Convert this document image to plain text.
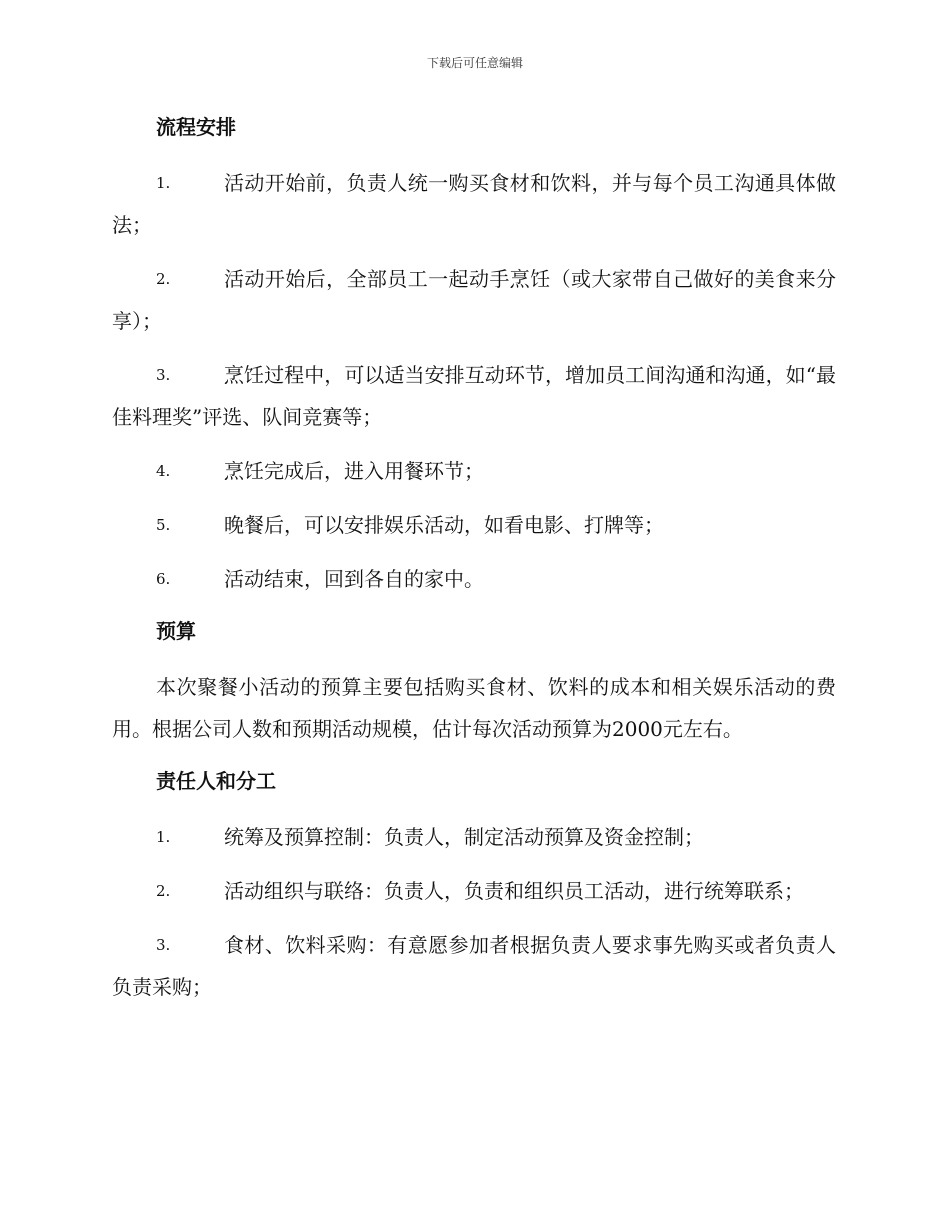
下载后可任意编辑
流程安排
1.	活动开始前，负责人统一购买食材和饮料，并与每个员工沟通具体做法；
2.	活动开始后，全部员工一起动手烹饪（或大家带自己做好的美食来分享）；
3.	烹饪过程中，可以适当安排互动环节，增加员工间沟通和沟通，如“最佳料理奖”评选、队间竞赛等；
4.	烹饪完成后，进入用餐环节；
5.	晚餐后，可以安排娱乐活动，如看电影、打牌等；
6.	活动结束，回到各自的家中。
预算
本次聚餐小活动的预算主要包括购买食材、饮料的成本和相关娱乐活动的费用。根据公司人数和预期活动规模，估计每次活动预算为2000元左右。
责任人和分工
1.	统筹及预算控制：负责人，制定活动预算及资金控制；
2.	活动组织与联络：负责人，负责和组织员工活动，进行统筹联系；
3.	食材、饮料采购：有意愿参加者根据负责人要求事先购买或者负责人负责采购；
